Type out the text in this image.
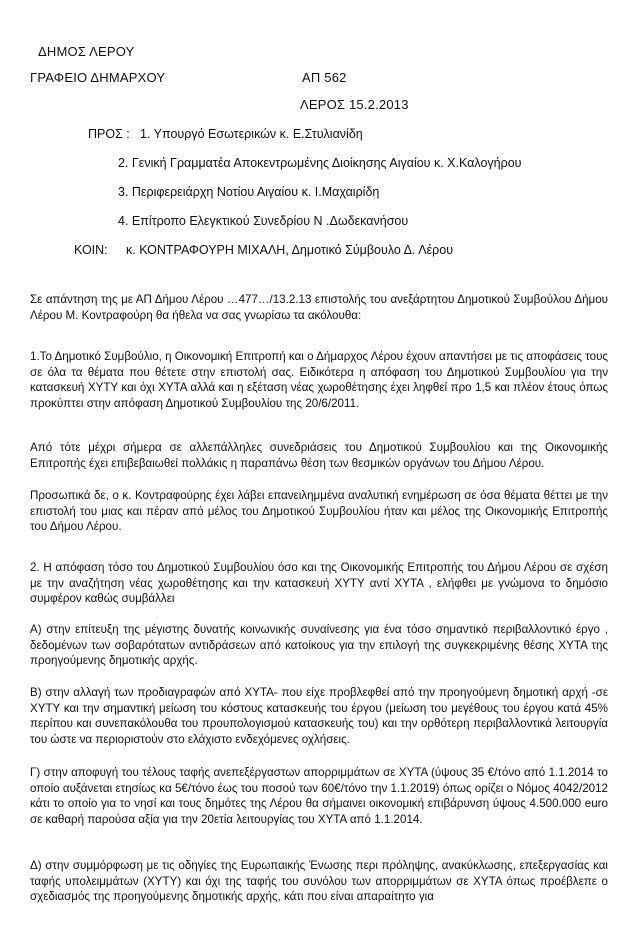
ΔΗΜΟΣ ΛΕΡΟΥ
ΓΡΑΦΕΙΟ ΔΗΜΑΡΧΟΥ	ΑΠ 562
ΛΕΡΟΣ 15.2.2013
ΠΡΟΣ : 1. Υπουργό Εσωτερικών κ. Ε.Στυλιανίδη
2. Γενική Γραμματέα Αποκεντρωμένης Διοίκησης Αιγαίου κ. Χ.Καλογήρου
3. Περιφερειάρχη Νοτίου Αιγαίου κ. Ι.Μαχαιρίδη
4. Επίτροπο Ελεγκτικού Συνεδρίου Ν .Δωδεκανήσου
ΚΟΙΝ: κ. ΚΟΝΤΡΑΦΟΥΡΗ ΜΙΧΑΛΗ, Δημοτικό Σύμβουλο Δ. Λέρου

Σε απάντηση της με ΑΠ Δήμου Λέρου …477…/13.2.13 επιστολής του ανεξάρτητου Δημοτικού Συμβούλου Δήμου Λέρου Μ. Κοντραφούρη θα ήθελα να σας γνωρίσω τα ακόλουθα:

1.Το Δημοτικό Συμβούλιο, η Οικονομική Επιτροπή και ο Δήμαρχος Λέρου έχουν απαντήσει με τις αποφάσεις τους σε όλα τα θέματα που θέτετε στην επιστολή σας. Ειδικότερα η απόφαση του Δημοτικού Συμβουλίου για την κατασκευή ΧΥΤΥ και όχι ΧΥΤΑ αλλά και η εξέταση νέας χωροθέτησης έχει ληφθεί προ 1,5 και πλέον έτους όπως προκύπτει στην απόφαση Δημοτικού Συμβουλίου της 20/6/2011.

Από τότε μέχρι σήμερα σε αλλεπάλληλες συνεδριάσεις του Δημοτικού Συμβουλίου και της Οικονομικής Επιτροπής έχει επιβεβαιωθεί πολλάκις η παραπάνω θέση των θεσμικών οργάνων του Δήμου Λέρου.

Προσωπικά δε, ο κ. Κοντραφούρης έχει λάβει επανειλημμένα αναλυτική ενημέρωση σε όσα θέματα θέττει με την επιστολή του μιας και πέραν από μέλος του Δημοτικού Συμβουλίου ήταν και μέλος της Οικονομικής Επιτροπής του Δήμου Λέρου.

2. Η απόφαση τόσο του Δημοτικού Συμβουλίου όσο και της Οικονομικής Επιτροπής του Δήμου Λέρου σε σχέση με την αναζήτηση νέας χωροθέτησης και την κατασκευή ΧΥΤΥ αντί ΧΥΤΑ , ελήφθει με γνώμονα το δημόσιο συμφέρον καθώς συμβάλλει

Α) στην επίτευξη της μέγιστης δυνατής κοινωνικής συναίνεσης για ένα τόσο σημαντικό περιβαλλοντικό έργο , δεδομένων των σοβαρότατων αντιδράσεων από κατοίκους για την επιλογή της συγκεκριμένης θέσης ΧΥΤΑ της προηγούμενης δημοτικής αρχής.

Β) στην αλλαγή των προδιαγραφών από ΧΥΤΑ- που είχε προβλεφθεί από την προηγούμενη δημοτική αρχή -σε ΧΥΤΥ και την σημαντική μείωση του κόστους κατασκευής του έργου (μείωση του μεγέθους του έργου κατά 45% περίπου και συνεπακόλουθα του προυπολογισμού κατασκευής του) και την ορθότερη περιβαλλοντικά λειτουργία του ώστε να περιοριστούν στο ελάχιστο ενδεχόμενες οχλήσεις.

Γ) στην αποφυγή του τέλους ταφής ανεπεξέργαστων απορριμμάτων σε ΧΥΤΑ (ύψους 35 €/τόνο από 1.1.2014 το οποίο αυξάνεται ετησίως κα 5€/τόνο έως του ποσού των 60€/τόνο την 1.1.2019) όπως ορίζει ο Νόμος 4042/2012 κάτι το οποίο για το νησί και τους δημότες της Λέρου θα σήμαινει οικονομική επιβάρυνση ύψους 4.500.000 euro σε καθαρή παρούσα αξία για την 20ετία λειτουργίας του ΧΥΤΑ από 1.1.2014.

Δ) στην συμμόρφωση με τις οδηγίες της Ευρωπαικής Ένωσης περι πρόληψης, ανακύκλωσης, επεξεργασίας και ταφής υπολειμμάτων (ΧΥΤΥ) και όχι της ταφής του συνόλου των απορριμμάτων σε ΧΥΤΑ όπως προέβλεπε ο σχεδιασμός της προηγούμενης δημοτικής αρχής, κάτι που είναι απαραίτητο για
